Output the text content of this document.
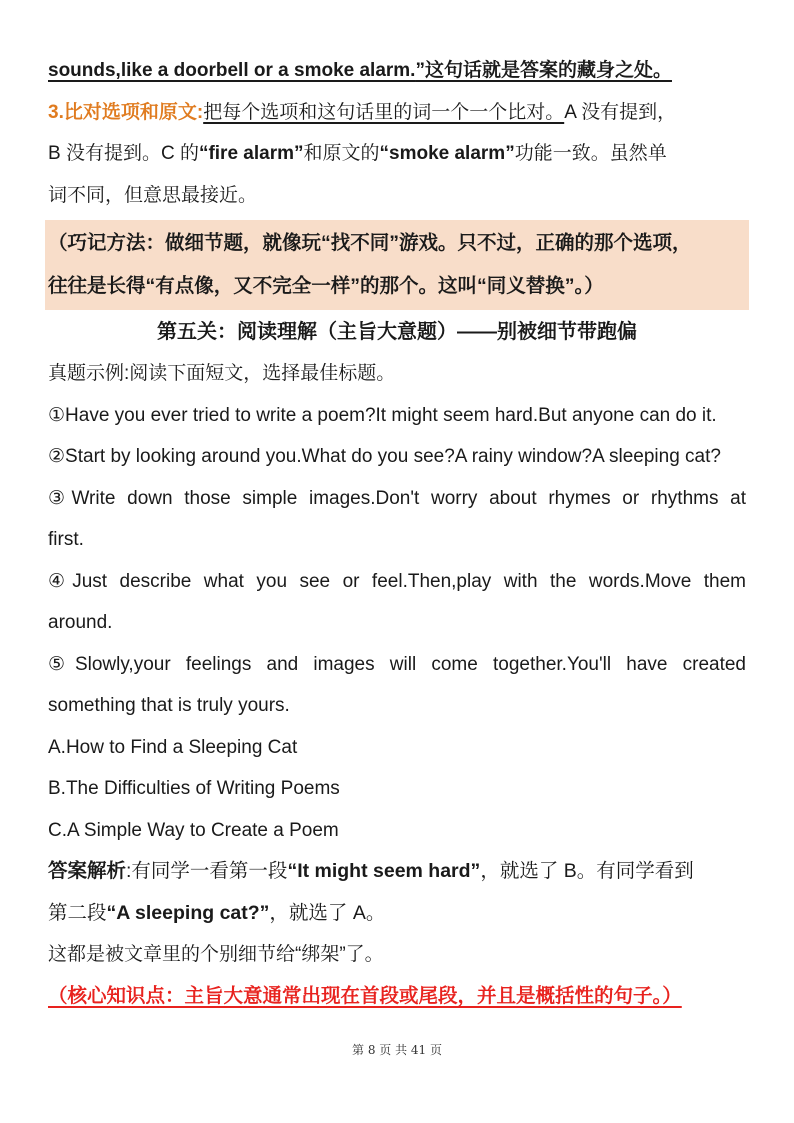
sounds,like a doorbell or a smoke alarm.”这句话就是答案的藏身之处。
3.比对选项和原文:把每个选项和这句话里的词一个一个比对。A 没有提到，
B 没有提到。C 的“fire alarm”和原文的“smoke alarm”功能一致。虽然单
词不同，但意思最接近。
（巧记方法：做细节题，就像玩“找不同”游戏。只不过，正确的那个选项，
往往是长得“有点像，又不完全一样”的那个。这叫“同义替换”。）
第五关：阅读理解（主旨大意题）——别被细节带跑偏
真题示例:阅读下面短文，选择最佳标题。
①Have you ever tried to write a poem?It might seem hard.But anyone can do it.
②Start by looking around you.What do you see?A rainy window?A sleeping cat?
③Write down those simple images.Don't worry about rhymes or rhythms at
first.
④Just describe what you see or feel.Then,play with the words.Move them
around.
⑤Slowly,your feelings and images will come together.You'll have created
something that is truly yours.
A.How to Find a Sleeping Cat
B.The Difficulties of Writing Poems
C.A Simple Way to Create a Poem
答案解析:有同学一看第一段“It might seem hard”，就选了 B。有同学看到
第二段“A sleeping cat?”，就选了 A。
这都是被文章里的个别细节给“绑架”了。
（核心知识点：主旨大意通常出现在首段或尾段，并且是概括性的句子。）
第 8 页 共 41 页
